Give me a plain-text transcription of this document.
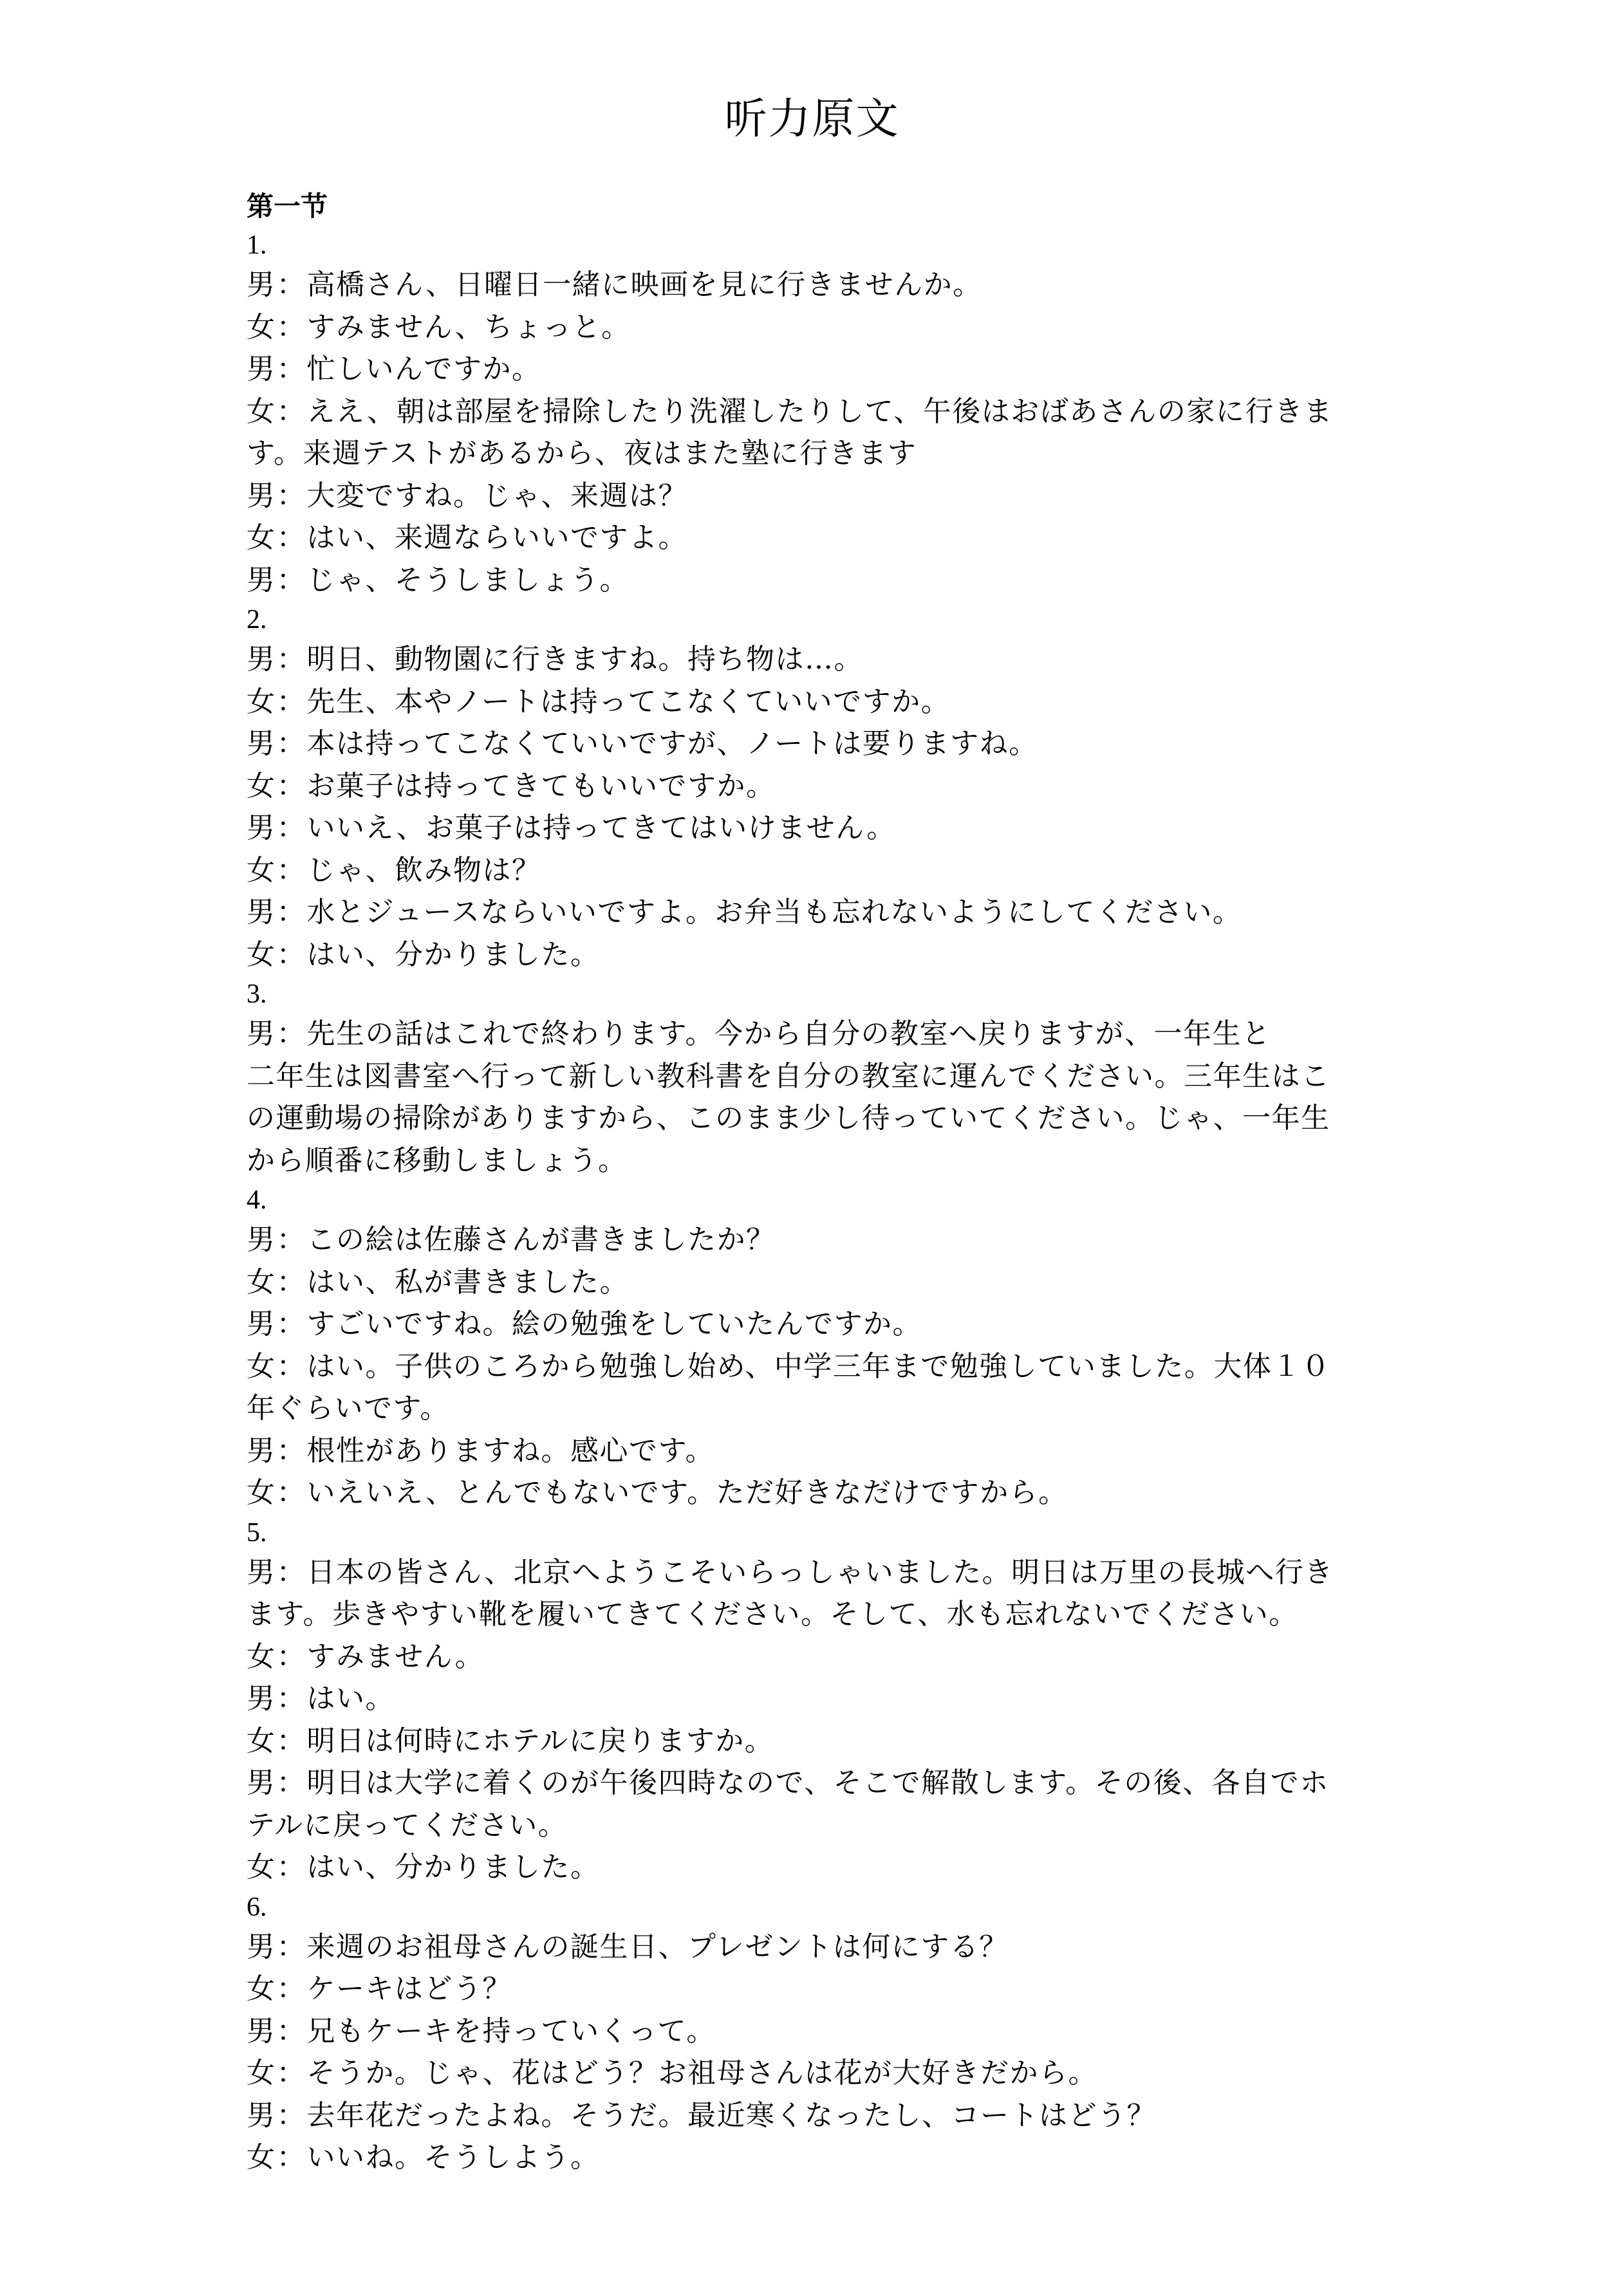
听力原文
第一节
1.
男：高橋さん、日曜日一緒に映画を見に行きませんか。
女：すみません、ちょっと。
男：忙しいんですか。
女：ええ、朝は部屋を掃除したり洗濯したりして、午後はおばあさんの家に行きま
す。来週テストがあるから、夜はまた塾に行きます
男：大変ですね。じゃ、来週は？
女：はい、来週ならいいですよ。
男：じゃ、そうしましょう。
2.
男：明日、動物園に行きますね。持ち物は…。
女：先生、本やノートは持ってこなくていいですか。
男：本は持ってこなくていいですが、ノートは要りますね。
女：お菓子は持ってきてもいいですか。
男：いいえ、お菓子は持ってきてはいけません。
女：じゃ、飲み物は？
男：水とジュースならいいですよ。お弁当も忘れないようにしてください。
女：はい、分かりました。
3.
男：先生の話はこれで終わります。今から自分の教室へ戻りますが、一年生と
二年生は図書室へ行って新しい教科書を自分の教室に運んでください。三年生はこ
の運動場の掃除がありますから、このまま少し待っていてください。じゃ、一年生
から順番に移動しましょう。
4.
男：この絵は佐藤さんが書きましたか？
女：はい、私が書きました。
男：すごいですね。絵の勉強をしていたんですか。
女：はい。子供のころから勉強し始め、中学三年まで勉強していました。大体１０
年ぐらいです。
男：根性がありますね。感心です。
女：いえいえ、とんでもないです。ただ好きなだけですから。
5.
男：日本の皆さん、北京へようこそいらっしゃいました。明日は万里の長城へ行き
ます。歩きやすい靴を履いてきてください。そして、水も忘れないでください。
女：すみません。
男：はい。
女：明日は何時にホテルに戻りますか。
男：明日は大学に着くのが午後四時なので、そこで解散します。その後、各自でホ
テルに戻ってください。
女：はい、分かりました。
6.
男：来週のお祖母さんの誕生日、プレゼントは何にする？
女：ケーキはどう？
男：兄もケーキを持っていくって。
女：そうか。じゃ、花はどう？お祖母さんは花が大好きだから。
男：去年花だったよね。そうだ。最近寒くなったし、コートはどう？
女：いいね。そうしよう。
